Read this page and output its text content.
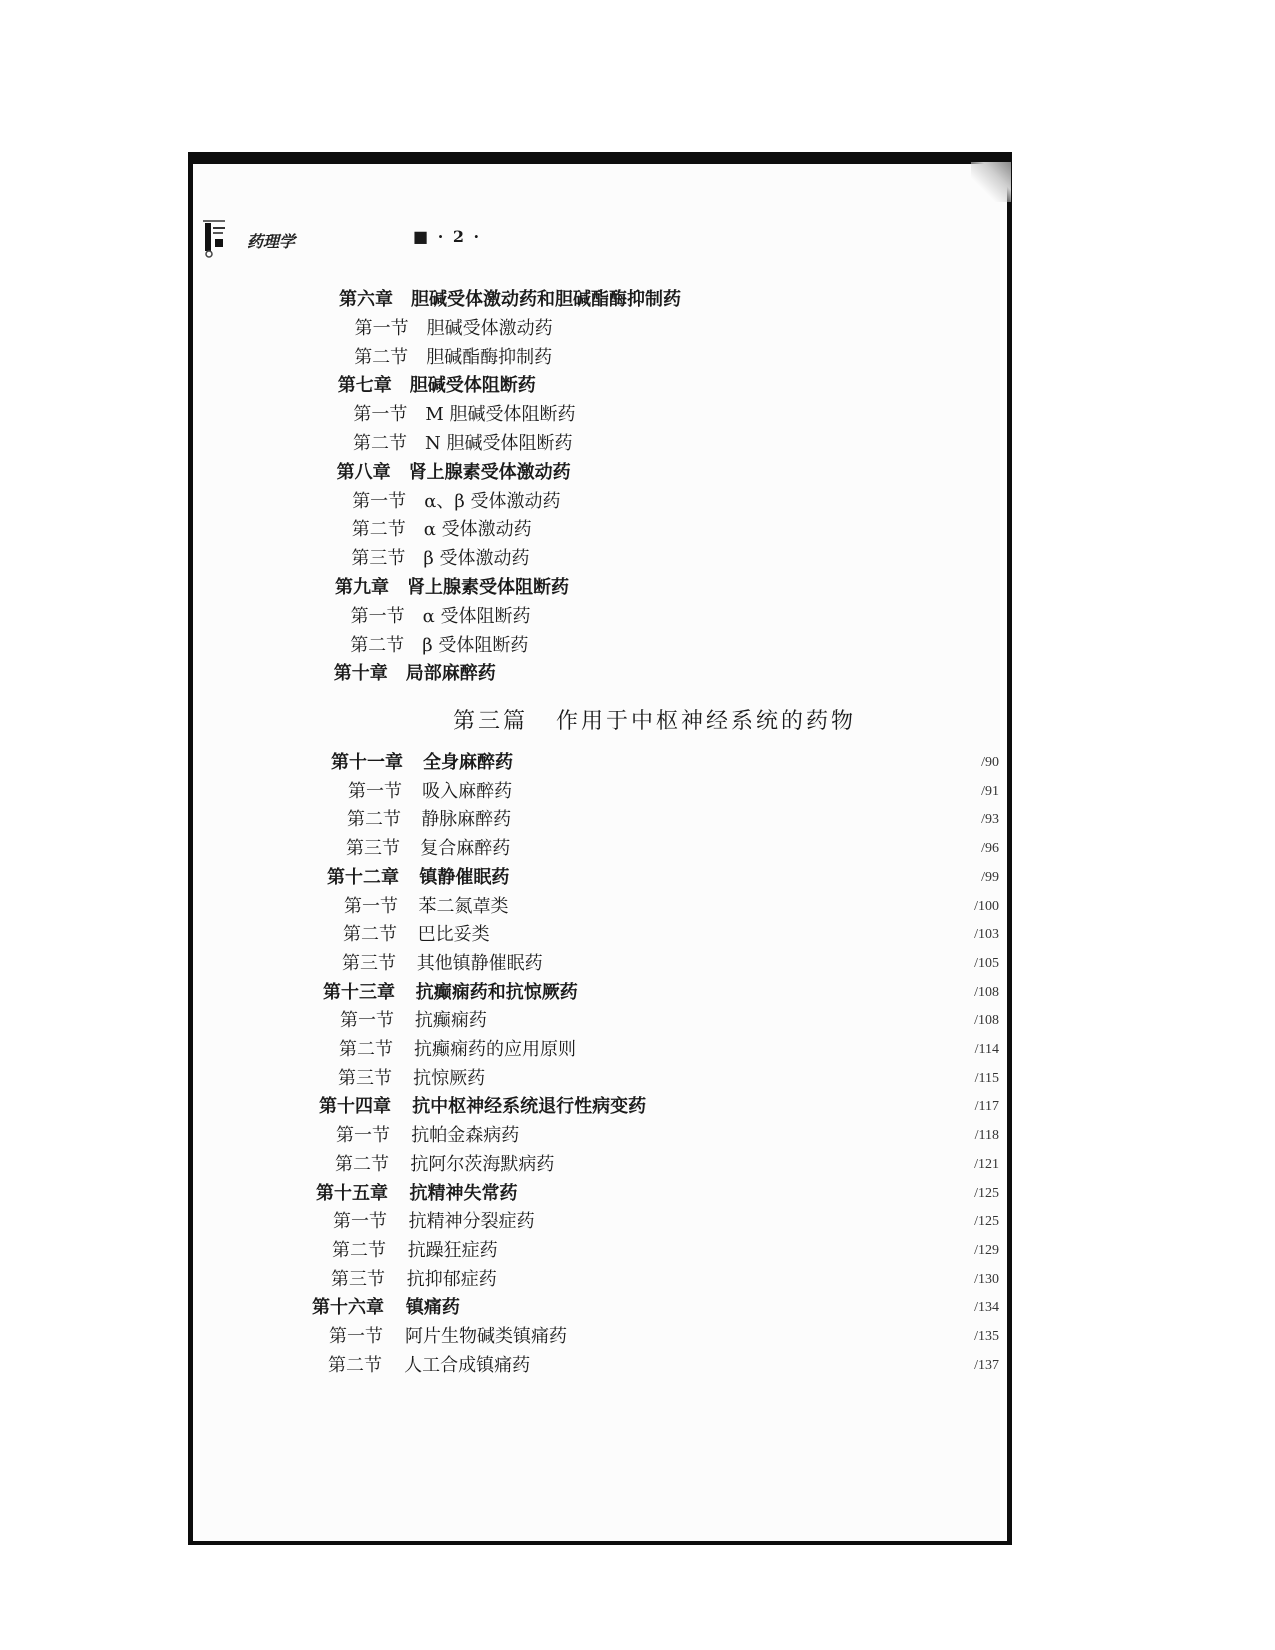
药理学	■ · 2 ·
第六章 胆碱受体激动药和胆碱酯酶抑制药
第一节 胆碱受体激动药
第二节 胆碱酯酶抑制药
第七章 胆碱受体阻断药
第一节 M 胆碱受体阻断药
第二节 N 胆碱受体阻断药
第八章 肾上腺素受体激动药
第一节 α、β 受体激动药
第二节 α 受体激动药
第三节 β 受体激动药
第九章 肾上腺素受体阻断药
第一节 α 受体阻断药
第二节 β 受体阻断药
第十章 局部麻醉药
第十一章 全身麻醉药	/90
第一节 吸入麻醉药	/91
第二节 静脉麻醉药	/93
第三节 复合麻醉药	/96
第十二章 镇静催眠药	/99
第一节 苯二氮䓬类	/100
第二节 巴比妥类	/103
第三节 其他镇静催眠药	/105
第十三章 抗癫痫药和抗惊厥药	/108
第一节 抗癫痫药	/108
第二节 抗癫痫药的应用原则	/114
第三节 抗惊厥药	/115
第十四章 抗中枢神经系统退行性病变药	/117
第一节 抗帕金森病药	/118
第二节 抗阿尔茨海默病药	/121
第十五章 抗精神失常药	/125
第一节 抗精神分裂症药	/125
第二节 抗躁狂症药	/129
第三节 抗抑郁症药	/130
第十六章 镇痛药	/134
第一节 阿片生物碱类镇痛药	/135
第二节 人工合成镇痛药	/137
第三篇 作用于中枢神经系统的药物
